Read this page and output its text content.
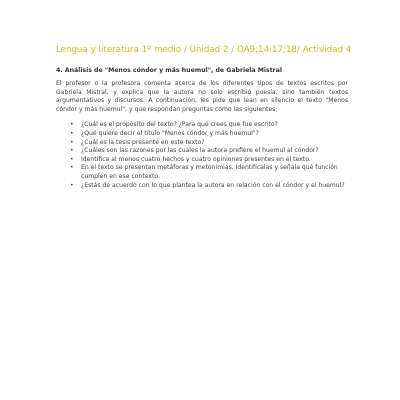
Lengua y literatura 1º medio / Unidad 2 / OA9;14;17;18/ Actividad 4
4. Análisis de "Menos cóndor y más huemul", de Gabriela Mistral

El profesor o la profesora comenta acerca de los diferentes tipos de textos escritos por Gabriela Mistral, y explica que la autora no solo escribió poesía, sino también textos argumentativos y discursos. A continuación, les pide que lean en silencio el texto "Menos cóndor y más huemul", y que respondan preguntas como las siguientes:

• ¿Cuál es el propósito del texto? ¿Para qué crees que fue escrito?
• ¿Qué quiere decir el título "Menos cóndor y más huemul"?
• ¿Cuál es la tesis presente en este texto?
• ¿Cuáles son las razones por las cuales la autora prefiere el huemul al cóndor?
• Identifica al menos cuatro hechos y cuatro opiniones presentes en el texto.
• En el texto se presentan metáforas y metonimias. Identifícalas y señala qué función cumplen en ese contexto.
• ¿Estás de acuerdo con lo que plantea la autora en relación con el cóndor y el huemul?
